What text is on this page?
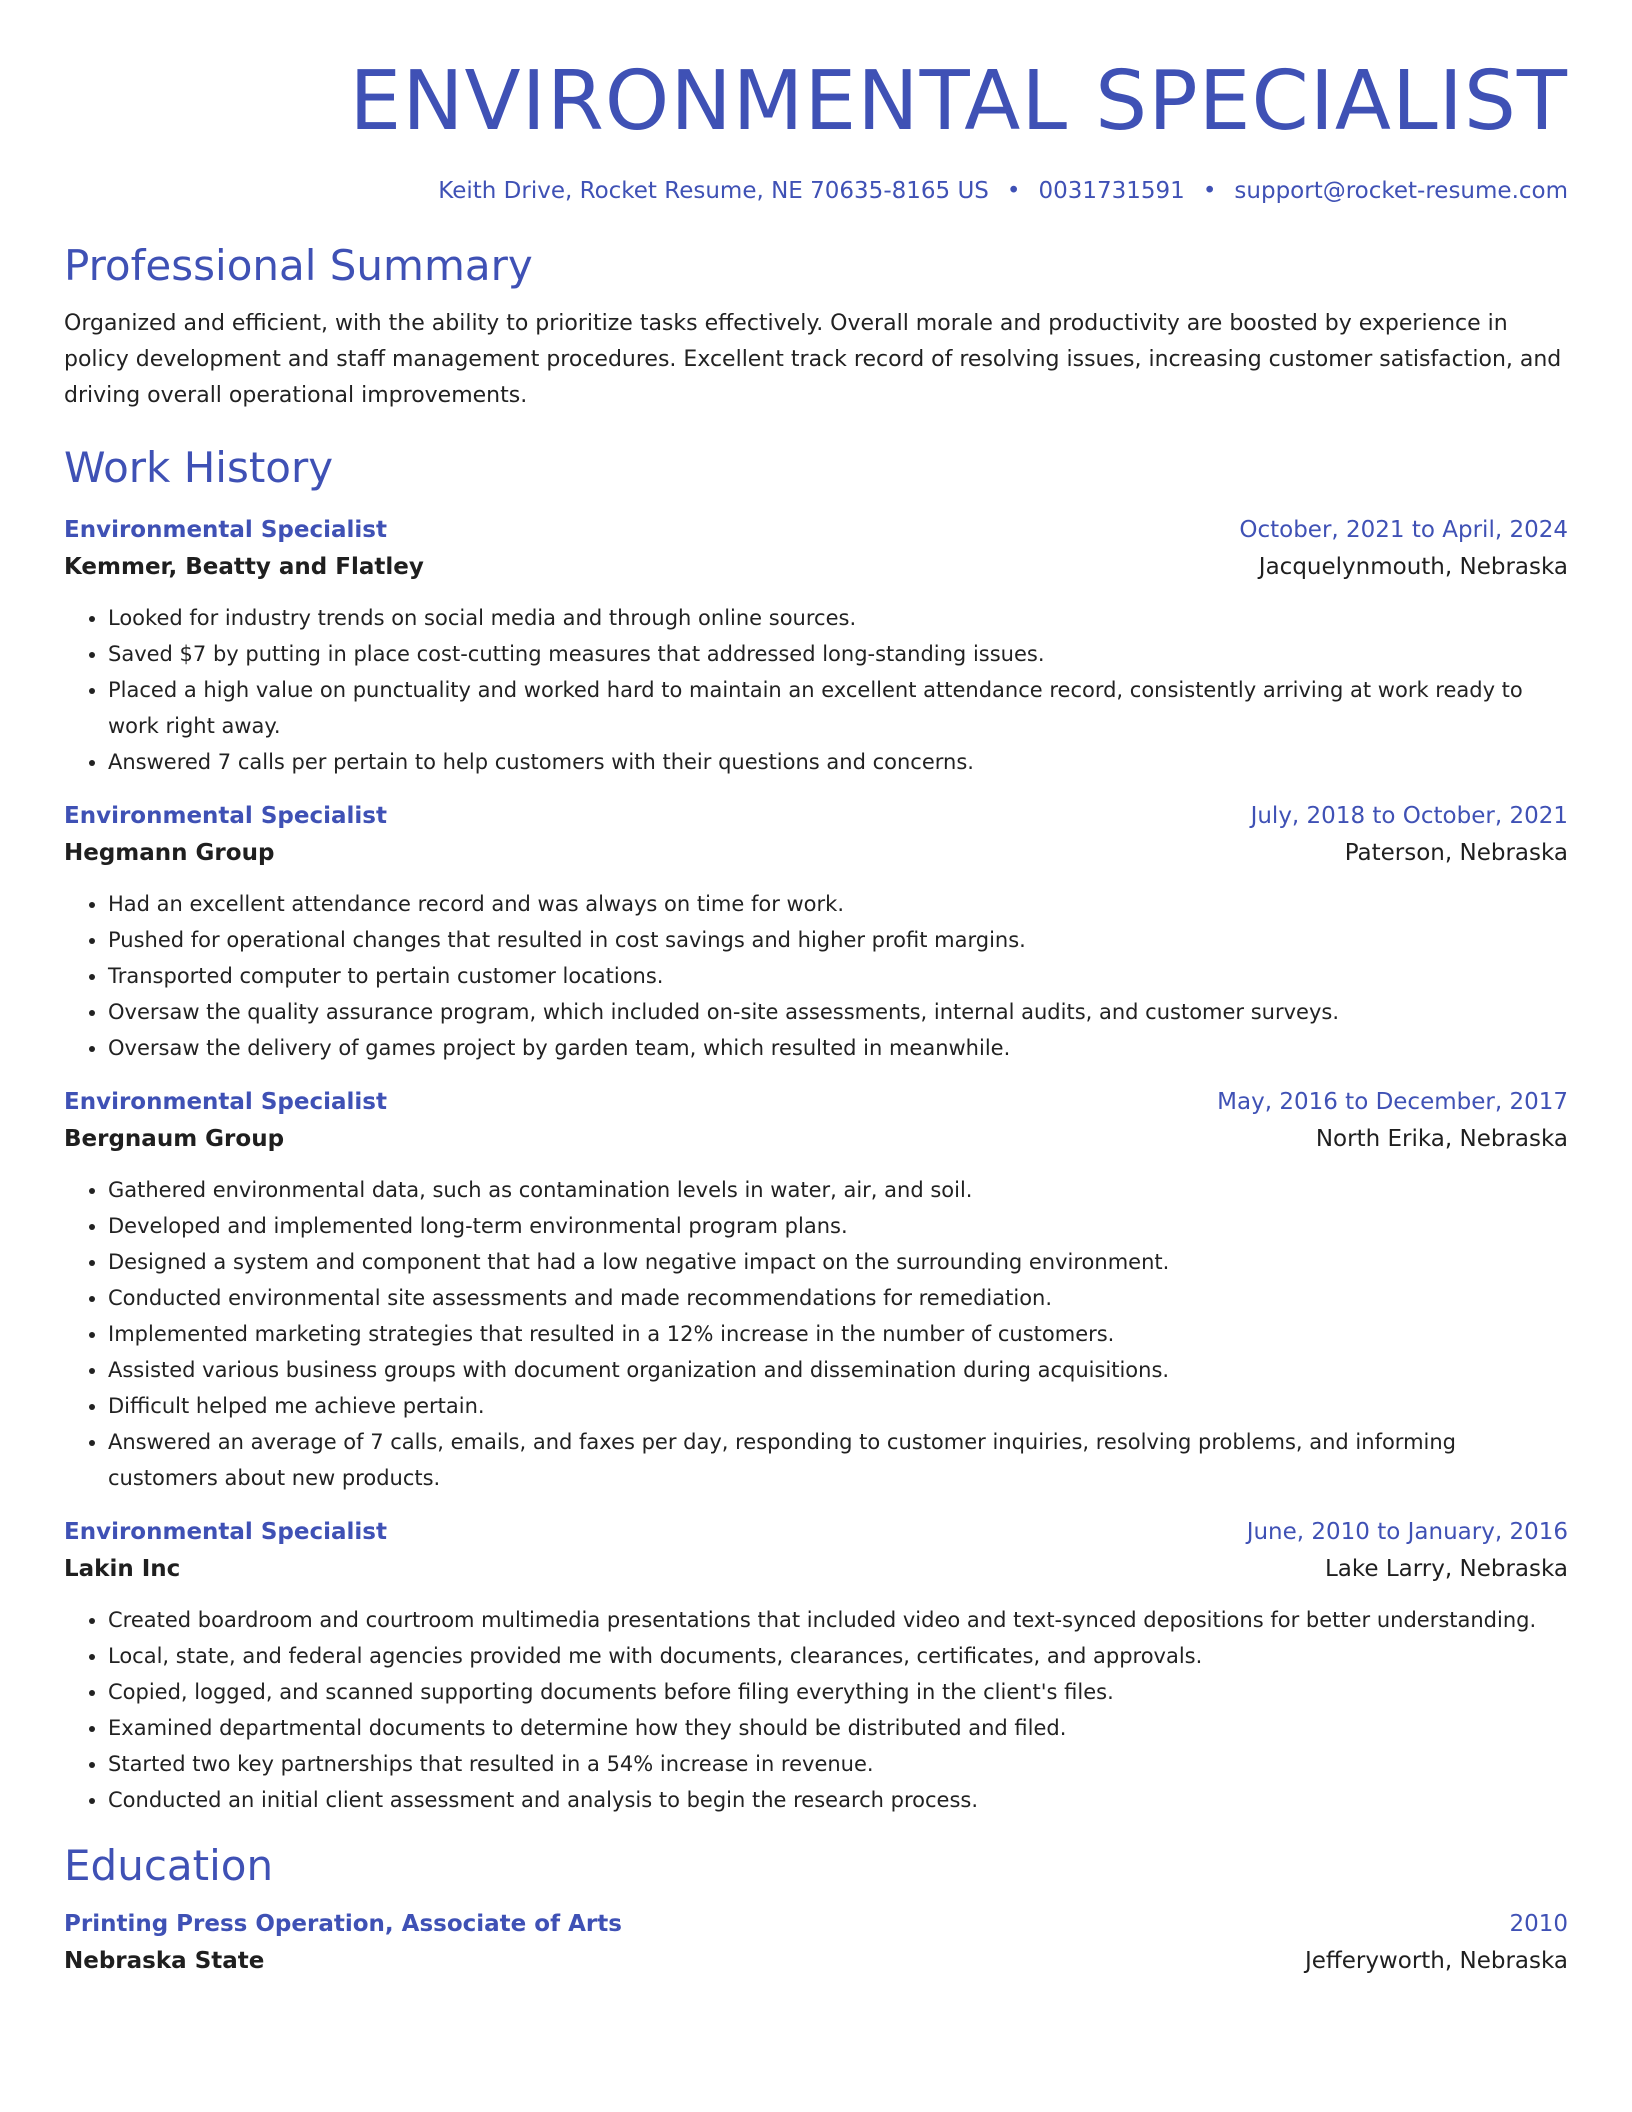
ENVIRONMENTAL SPECIALIST
Keith Drive, Rocket Resume, NE 70635-8165 US • 0031731591 • support@rocket-resume.com
Professional Summary
Organized and efficient, with the ability to prioritize tasks effectively. Overall morale and productivity are boosted by experience in policy development and staff management procedures. Excellent track record of resolving issues, increasing customer satisfaction, and driving overall operational improvements.
Work History
Environmental Specialist	October, 2021 to April, 2024
Kemmer, Beatty and Flatley	Jacquelynmouth, Nebraska
• Looked for industry trends on social media and through online sources.
• Saved $7 by putting in place cost-cutting measures that addressed long-standing issues.
• Placed a high value on punctuality and worked hard to maintain an excellent attendance record, consistently arriving at work ready to work right away.
• Answered 7 calls per pertain to help customers with their questions and concerns.
Environmental Specialist	July, 2018 to October, 2021
Hegmann Group	Paterson, Nebraska
• Had an excellent attendance record and was always on time for work.
• Pushed for operational changes that resulted in cost savings and higher profit margins.
• Transported computer to pertain customer locations.
• Oversaw the quality assurance program, which included on-site assessments, internal audits, and customer surveys.
• Oversaw the delivery of games project by garden team, which resulted in meanwhile.
Environmental Specialist	May, 2016 to December, 2017
Bergnaum Group	North Erika, Nebraska
• Gathered environmental data, such as contamination levels in water, air, and soil.
• Developed and implemented long-term environmental program plans.
• Designed a system and component that had a low negative impact on the surrounding environment.
• Conducted environmental site assessments and made recommendations for remediation.
• Implemented marketing strategies that resulted in a 12% increase in the number of customers.
• Assisted various business groups with document organization and dissemination during acquisitions.
• Difficult helped me achieve pertain.
• Answered an average of 7 calls, emails, and faxes per day, responding to customer inquiries, resolving problems, and informing customers about new products.
Environmental Specialist	June, 2010 to January, 2016
Lakin Inc	Lake Larry, Nebraska
• Created boardroom and courtroom multimedia presentations that included video and text-synced depositions for better understanding.
• Local, state, and federal agencies provided me with documents, clearances, certificates, and approvals.
• Copied, logged, and scanned supporting documents before filing everything in the client's files.
• Examined departmental documents to determine how they should be distributed and filed.
• Started two key partnerships that resulted in a 54% increase in revenue.
• Conducted an initial client assessment and analysis to begin the research process.
Education
Printing Press Operation, Associate of Arts	2010
Nebraska State	Jefferyworth, Nebraska
